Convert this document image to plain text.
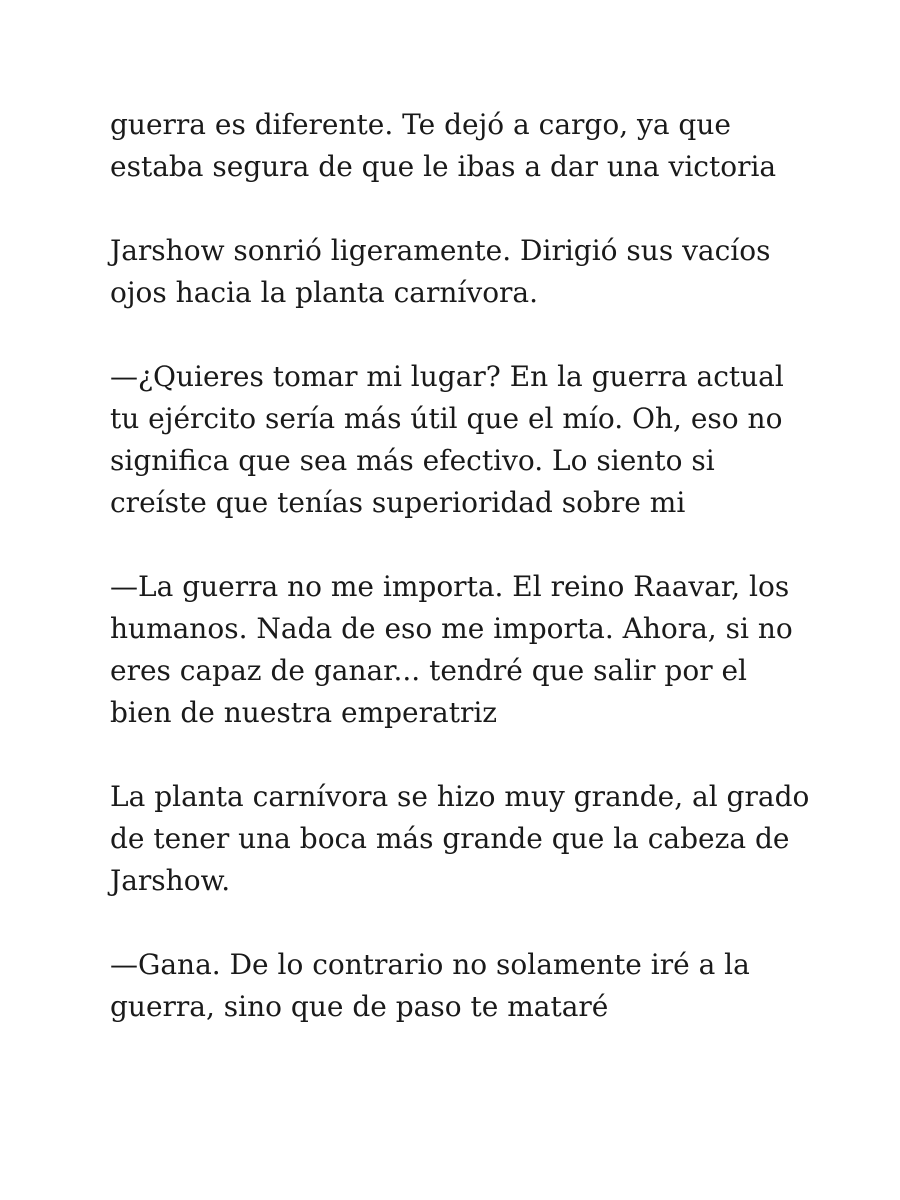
guerra es diferente. Te dejó a cargo, ya que
estaba segura de que le ibas a dar una victoria

Jarshow sonrió ligeramente. Dirigió sus vacíos
ojos hacia la planta carnívora.

—¿Quieres tomar mi lugar? En la guerra actual
tu ejército sería más útil que el mío. Oh, eso no
significa que sea más efectivo. Lo siento si
creíste que tenías superioridad sobre mi

—La guerra no me importa. El reino Raavar, los
humanos. Nada de eso me importa. Ahora, si no
eres capaz de ganar... tendré que salir por el
bien de nuestra emperatriz

La planta carnívora se hizo muy grande, al grado
de tener una boca más grande que la cabeza de
Jarshow.

—Gana. De lo contrario no solamente iré a la
guerra, sino que de paso te mataré
